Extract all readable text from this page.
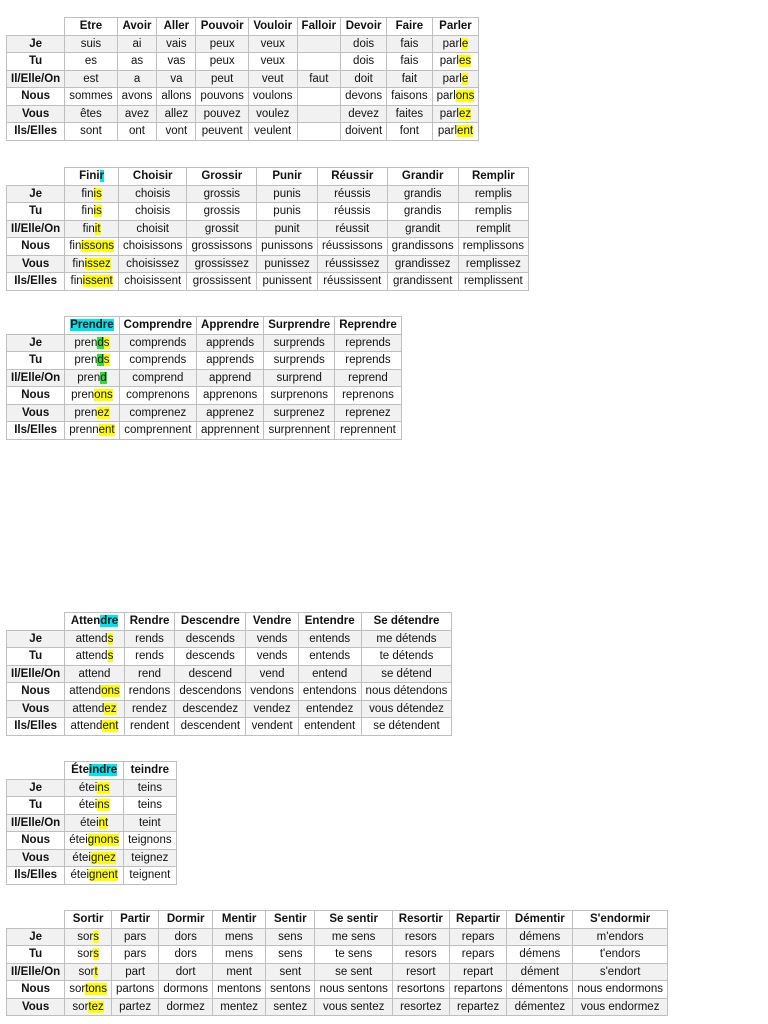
	Etre	Avoir	Aller	Pouvoir	Vouloir	Falloir	Devoir	Faire	Parler
Je	suis	ai	vais	peux	veux		dois	fais	parle
Tu	es	as	vas	peux	veux		dois	fais	parles
Il/Elle/On	est	a	va	peut	veut	faut	doit	fait	parle
Nous	sommes	avons	allons	pouvons	voulons		devons	faisons	parlons
Vous	êtes	avez	allez	pouvez	voulez		devez	faites	parlez
Ils/Elles	sont	ont	vont	peuvent	veulent		doivent	font	parlent
	Finir	Choisir	Grossir	Punir	Réussir	Grandir	Remplir
Je	finis	choisis	grossis	punis	réussis	grandis	remplis
Tu	finis	choisis	grossis	punis	réussis	grandis	remplis
Il/Elle/On	finit	choisit	grossit	punit	réussit	grandit	remplit
Nous	finissons	choisissons	grossissons	punissons	réussissons	grandissons	remplissons
Vous	finissez	choisissez	grossissez	punissez	réussissez	grandissez	remplissez
Ils/Elles	finissent	choisissent	grossissent	punissent	réussissent	grandissent	remplissent
	Prendre	Comprendre	Apprendre	Surprendre	Reprendre
Je	prends	comprends	apprends	surprends	reprends
Tu	prends	comprends	apprends	surprends	reprends
Il/Elle/On	prend	comprend	apprend	surprend	reprend
Nous	prenons	comprenons	apprenons	surprenons	reprenons
Vous	prenez	comprenez	apprenez	surprenez	reprenez
Ils/Elles	prennent	comprennent	apprennent	surprennent	reprennent
	Attendre	Rendre	Descendre	Vendre	Entendre	Se détendre
Je	attends	rends	descends	vends	entends	me détends
Tu	attends	rends	descends	vends	entends	te détends
Il/Elle/On	attend	rend	descend	vend	entend	se détend
Nous	attendons	rendons	descendons	vendons	entendons	nous détendons
Vous	attendez	rendez	descendez	vendez	entendez	vous détendez
Ils/Elles	attendent	rendent	descendent	vendent	entendent	se détendent
	Éteindre	teindre
Je	éteins	teins
Tu	éteins	teins
Il/Elle/On	éteint	teint
Nous	éteignons	teignons
Vous	éteignez	teignez
Ils/Elles	éteignent	teignent
	Sortir	Partir	Dormir	Mentir	Sentir	Se sentir	Resortir	Repartir	Démentir	S'endormir
Je	sors	pars	dors	mens	sens	me sens	resors	repars	démens	m'endors
Tu	sors	pars	dors	mens	sens	te sens	resors	repars	démens	t'endors
Il/Elle/On	sort	part	dort	ment	sent	se sent	resort	repart	dément	s'endort
Nous	sortons	partons	dormons	mentons	sentons	nous sentons	resortons	repartons	démentons	nous endormons
Vous	sortez	partez	dormez	mentez	sentez	vous sentez	resortez	repartez	démentez	vous endormez
